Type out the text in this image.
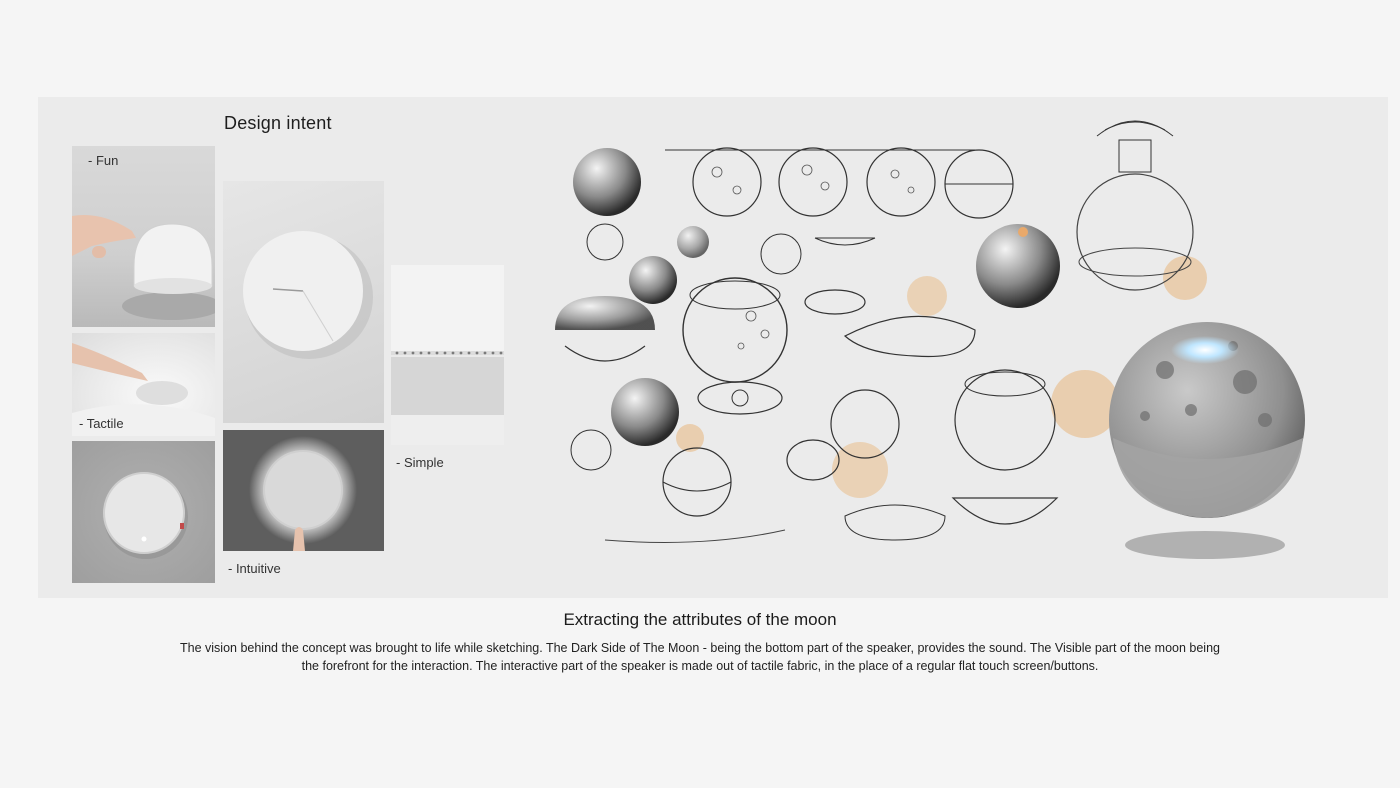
Design intent
- Fun
- Tactile
- Intuitive
- Simple
Extracting the attributes of the moon
The vision behind the concept was brought to life while sketching. The Dark Side of The Moon - being the bottom part of the speaker, provides the sound. The Visible part of the moon being
the forefront for the interaction. The interactive part of the speaker is made out of tactile fabric, in the place of a regular flat touch screen/buttons.
